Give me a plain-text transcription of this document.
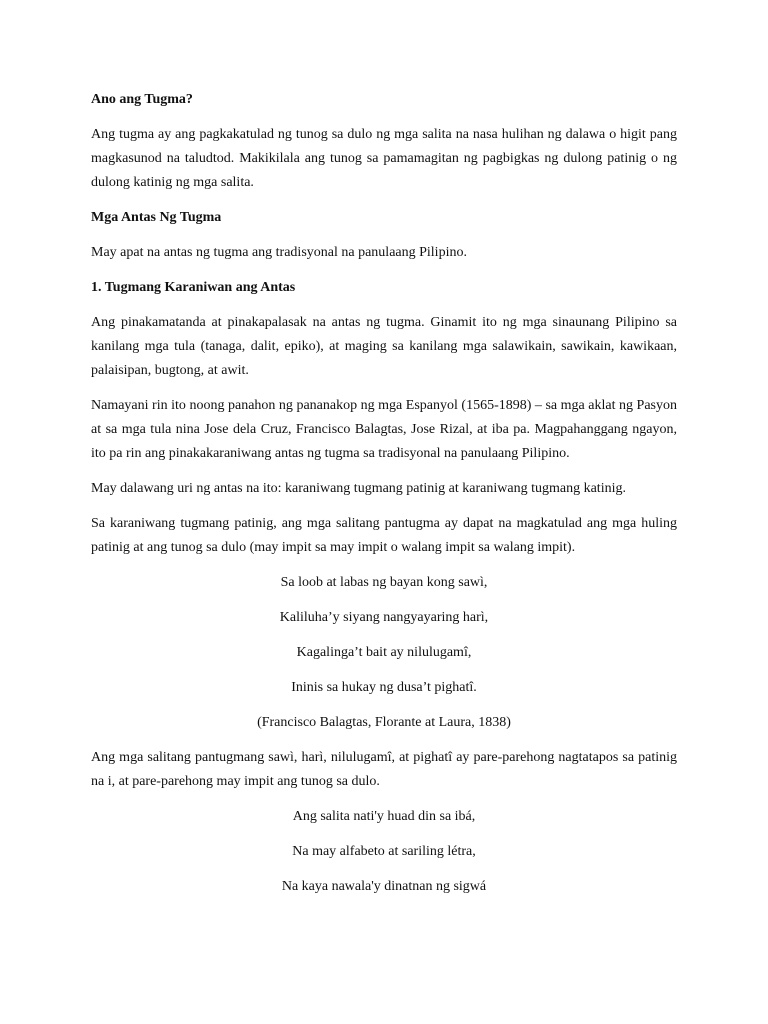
Ano ang Tugma?
Ang tugma ay ang pagkakatulad ng tunog sa dulo ng mga salita na nasa hulihan ng dalawa o higit pang magkasunod na taludtod. Makikilala ang tunog sa pamamagitan ng pagbigkas ng dulong patinig o ng dulong katinig ng mga salita.
Mga Antas Ng Tugma
May apat na antas ng tugma ang tradisyonal na panulaang Pilipino.
1. Tugmang Karaniwan ang Antas
Ang pinakamatanda at pinakapalasak na antas ng tugma. Ginamit ito ng mga sinaunang Pilipino sa kanilang mga tula (tanaga, dalit, epiko), at maging sa kanilang mga salawikain, sawikain, kawikaan, palaisipan, bugtong, at awit.
Namayani rin ito noong panahon ng pananakop ng mga Espanyol (1565-1898) – sa mga aklat ng Pasyon at sa mga tula nina Jose dela Cruz, Francisco Balagtas, Jose Rizal, at iba pa. Magpahanggang ngayon, ito pa rin ang pinakakaraniwang antas ng tugma sa tradisyonal na panulaang Pilipino.
May dalawang uri ng antas na ito: karaniwang tugmang patinig at karaniwang tugmang katinig.
Sa karaniwang tugmang patinig, ang mga salitang pantugma ay dapat na magkatulad ang mga huling patinig at ang tunog sa dulo (may impit sa may impit o walang impit sa walang impit).
Sa loob at labas ng bayan kong sawì,
Kaliluha’y siyang nangyayaring harì,
Kagalinga’t bait ay nilulugamî,
Ininis sa hukay ng dusa’t pighatî.
(Francisco Balagtas, Florante at Laura, 1838)
Ang mga salitang pantugmang sawì, harì, nilulugamî, at pighatî ay pare-parehong nagtatapos sa patinig na i, at pare-parehong may impit ang tunog sa dulo.
Ang salita nati'y huad din sa ibá,
Na may alfabeto at sariling létra,
Na kaya nawala'y dinatnan ng sigwá
